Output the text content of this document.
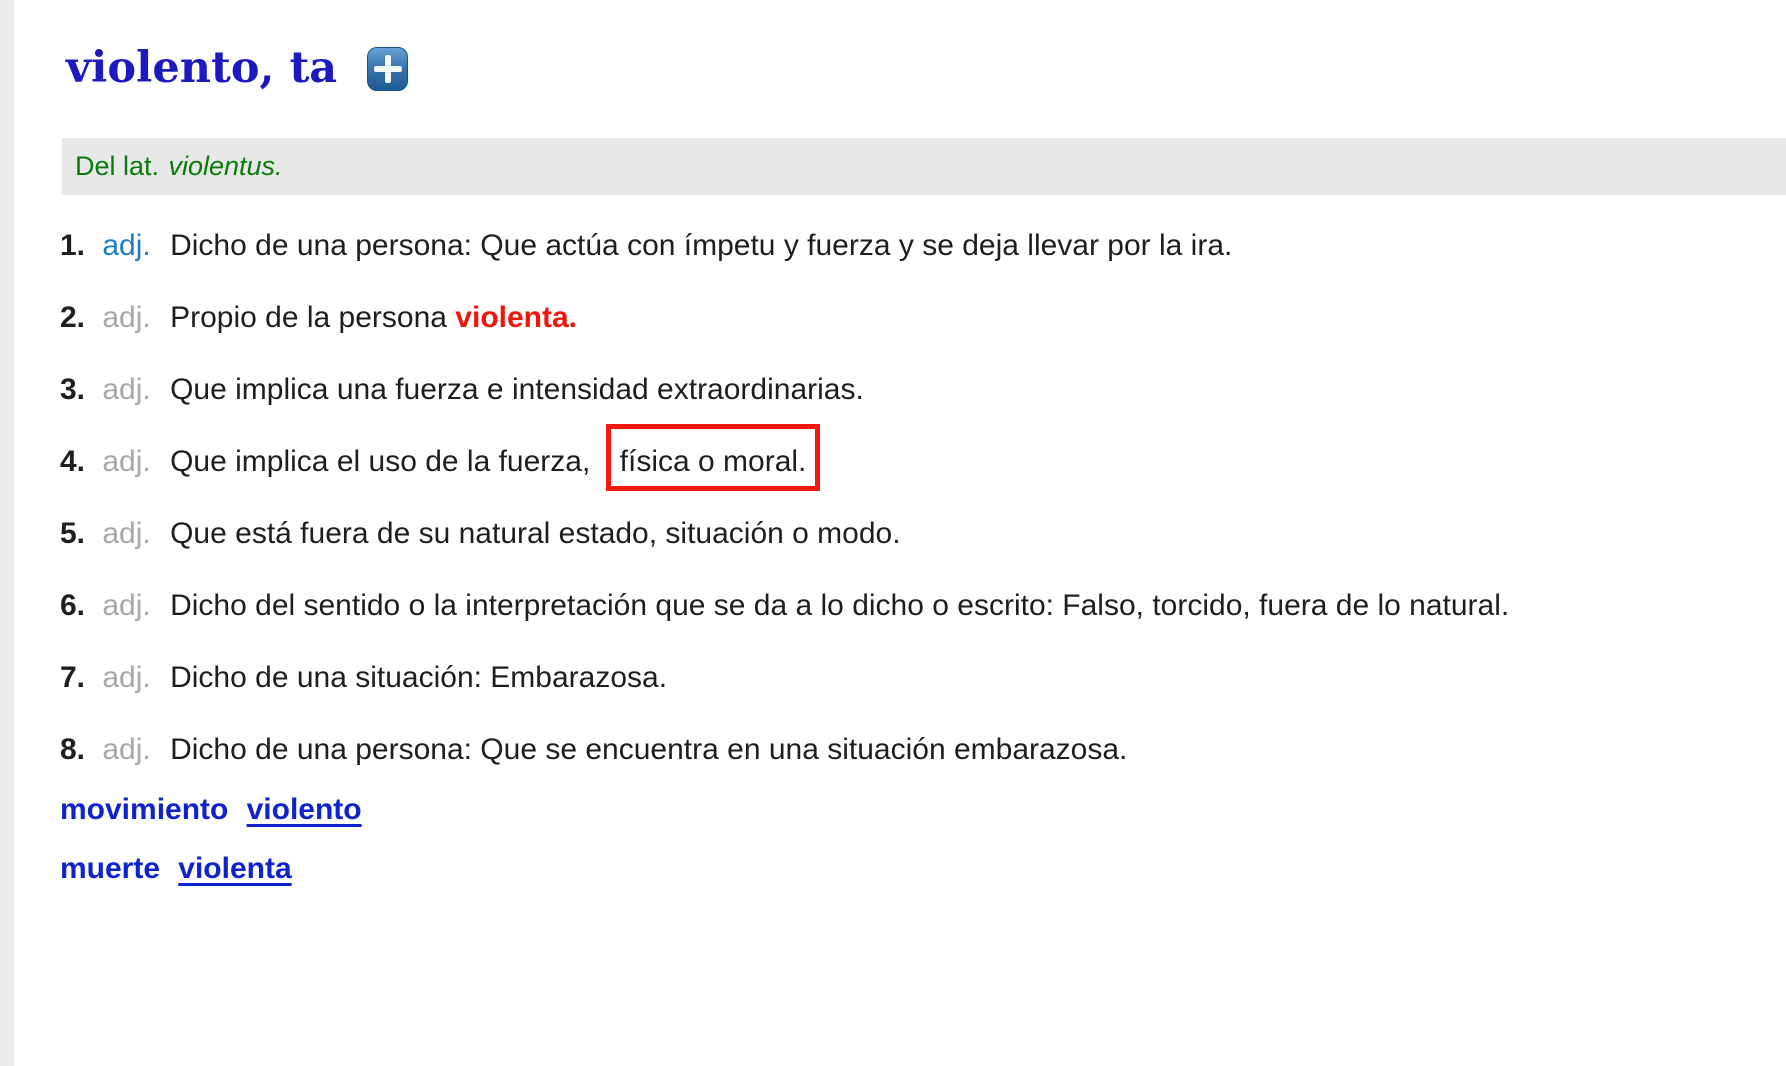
violento, ta
Del lat. violentus.

1. adj. Dicho de una persona: Que actúa con ímpetu y fuerza y se deja llevar por la ira.

2. adj. Propio de la persona violenta.

3. adj. Que implica una fuerza e intensidad extraordinarias.

4. adj. Que implica el uso de la fuerza, física o moral.

5. adj. Que está fuera de su natural estado, situación o modo.

6. adj. Dicho del sentido o la interpretación que se da a lo dicho o escrito: Falso, torcido, fuera de lo natural.

7. adj. Dicho de una situación: Embarazosa.

8. adj. Dicho de una persona: Que se encuentra en una situación embarazosa.

movimiento violento

muerte violenta
